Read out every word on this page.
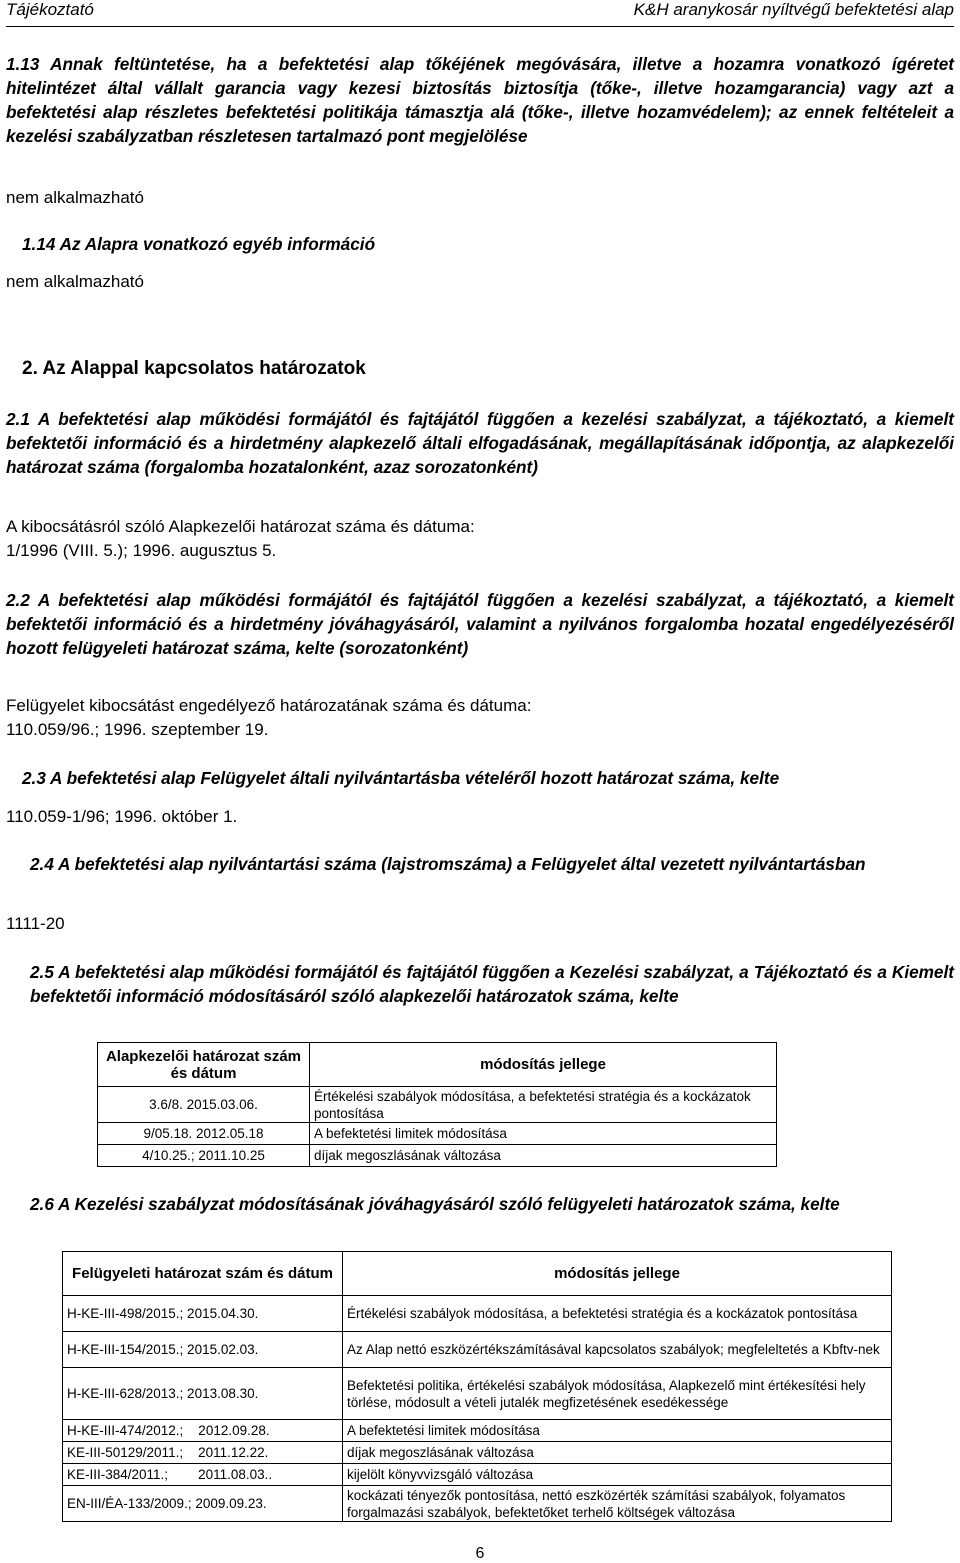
Tájékoztató	K&H aranykosár nyíltvégű befektetési alap
1.13 Annak feltüntetése, ha a befektetési alap tőkéjének megóvására, illetve a hozamra vonatkozó ígéretet hitelintézet által vállalt garancia vagy kezesi biztosítás biztosítja (tőke-, illetve hozamgarancia) vagy azt a befektetési alap részletes befektetési politikája támasztja alá (tőke-, illetve hozamvédelem); az ennek feltételeit a kezelési szabályzatban részletesen tartalmazó pont megjelölése
nem alkalmazható
1.14 Az Alapra vonatkozó egyéb információ
nem alkalmazható
2. Az Alappal kapcsolatos határozatok
2.1 A befektetési alap működési formájától és fajtájától függően a kezelési szabályzat, a tájékoztató, a kiemelt befektetői információ és a hirdetmény alapkezelő általi elfogadásának, megállapításának időpontja, az alapkezelői határozat száma (forgalomba hozatalonként, azaz sorozatonként)
A kibocsátásról szóló Alapkezelői határozat száma és dátuma:
1/1996 (VIII. 5.); 1996. augusztus 5.
2.2 A befektetési alap működési formájától és fajtájától függően a kezelési szabályzat, a tájékoztató, a kiemelt befektetői információ és a hirdetmény jóváhagyásáról, valamint a nyilvános forgalomba hozatal engedélyezéséről hozott felügyeleti határozat száma, kelte (sorozatonként)
Felügyelet kibocsátást engedélyező határozatának száma és dátuma:
110.059/96.; 1996. szeptember 19.
2.3 A befektetési alap Felügyelet általi nyilvántartásba vételéről hozott határozat száma, kelte
110.059-1/96; 1996. október 1.
2.4 A befektetési alap nyilvántartási száma (lajstromszáma) a Felügyelet által vezetett nyilvántartásban
1111-20
2.5 A befektetési alap működési formájától és fajtájától függően a Kezelési szabályzat, a Tájékoztató és a Kiemelt befektetői információ módosításáról szóló alapkezelői határozatok száma, kelte
Alapkezelői határozat szám és dátum	módosítás jellege
3.6/8. 2015.03.06.	Értékelési szabályok módosítása, a befektetési stratégia és a kockázatok pontosítása
9/05.18. 2012.05.18	A befektetési limitek módosítása
4/10.25.; 2011.10.25	díjak megoszlásának változása
2.6 A Kezelési szabályzat módosításának jóváhagyásáról szóló felügyeleti határozatok száma, kelte
Felügyeleti határozat szám és dátum	módosítás jellege
H-KE-III-498/2015.; 2015.04.30.	Értékelési szabályok módosítása, a befektetési stratégia és a kockázatok pontosítása
H-KE-III-154/2015.; 2015.02.03.	Az Alap nettó eszközértékszámításával kapcsolatos szabályok; megfeleltetés a Kbftv-nek
H-KE-III-628/2013.; 2013.08.30.	Befektetési politika, értékelési szabályok módosítása, Alapkezelő mint értékesítési hely törlése, módosult a vételi jutalék megfizetésének esedékessége
H-KE-III-474/2012.;    2012.09.28.	A befektetési limitek módosítása
KE-III-50129/2011.;    2011.12.22.	díjak megoszlásának változása
KE-III-384/2011.;        2011.08.03..	kijelölt könyvvizsgáló változása
EN-III/ÉA-133/2009.; 2009.09.23.	kockázati tényezők pontosítása, nettó eszközérték számítási szabályok, folyamatos forgalmazási szabályok, befektetőket terhelő költségek változása
6
